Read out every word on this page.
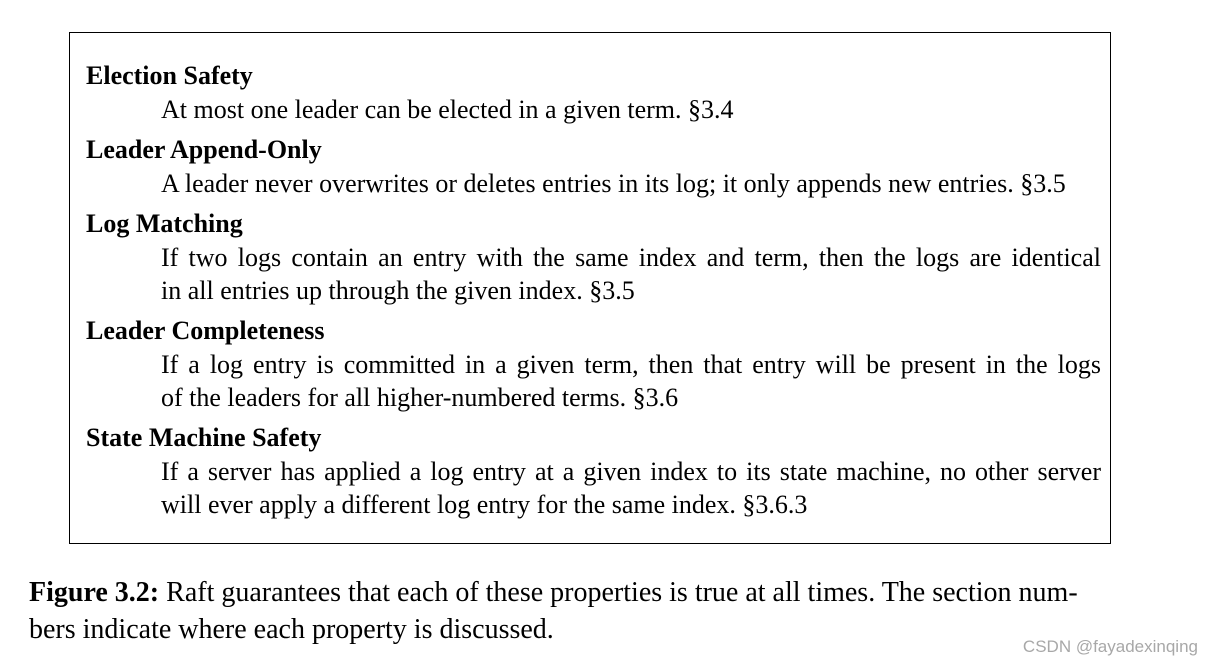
Election Safety
At most one leader can be elected in a given term. §3.4
Leader Append-Only
A leader never overwrites or deletes entries in its log; it only appends new entries. §3.5
Log Matching
If two logs contain an entry with the same index and term, then the logs are identical
in all entries up through the given index. §3.5
Leader Completeness
If a log entry is committed in a given term, then that entry will be present in the logs
of the leaders for all higher-numbered terms. §3.6
State Machine Safety
If a server has applied a log entry at a given index to its state machine, no other server
will ever apply a different log entry for the same index. §3.6.3
Figure 3.2: Raft guarantees that each of these properties is true at all times. The section num-
bers indicate where each property is discussed.
CSDN @fayadexinqing
